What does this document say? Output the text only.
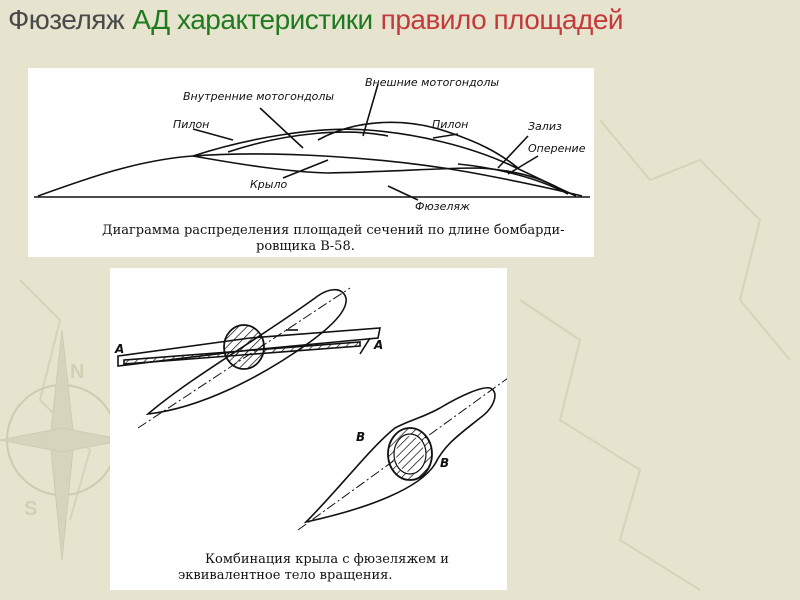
N
S
Фюзеляж АД характеристики правило площадей
Внутренние мотогондолы
Внешние мотогондолы
Пилон	Пилон	Зализ
Оперение
Крыло
Фюзеляж
Диаграмма распределения площадей сечений по длине бомбарди-
ровщика В-58.
А	А
В
В
Комбинация крыла с фюзеляжем и
эквивалентное тело вращения.
